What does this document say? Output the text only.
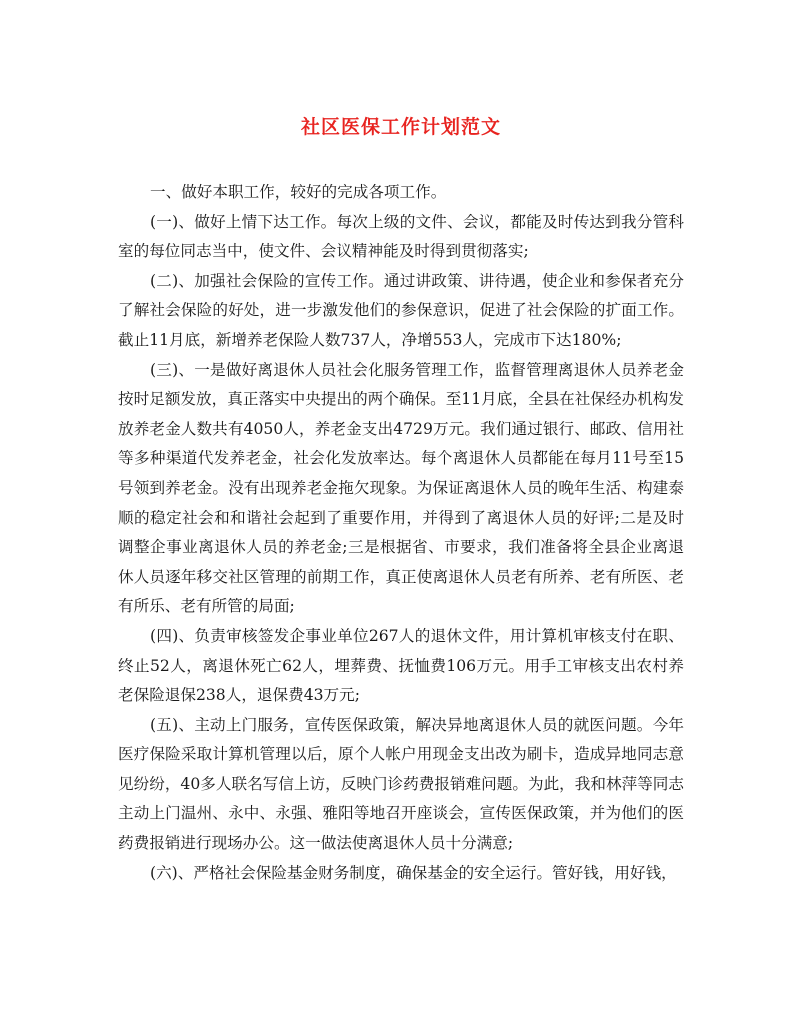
社区医保工作计划范文

一、做好本职工作，较好的完成各项工作。

(一)、做好上情下达工作。每次上级的文件、会议，都能及时传达到我分管科室的每位同志当中，使文件、会议精神能及时得到贯彻落实;

(二)、加强社会保险的宣传工作。通过讲政策、讲待遇，使企业和参保者充分了解社会保险的好处，进一步激发他们的参保意识，促进了社会保险的扩面工作。截止11月底，新增养老保险人数737人，净增553人，完成市下达180%;

(三)、一是做好离退休人员社会化服务管理工作，监督管理离退休人员养老金按时足额发放，真正落实中央提出的两个确保。至11月底，全县在社保经办机构发放养老金人数共有4050人，养老金支出4729万元。我们通过银行、邮政、信用社等多种渠道代发养老金，社会化发放率达。每个离退休人员都能在每月11号至15号领到养老金。没有出现养老金拖欠现象。为保证离退休人员的晚年生活、构建泰顺的稳定社会和和谐社会起到了重要作用，并得到了离退休人员的好评;二是及时调整企事业离退休人员的养老金;三是根据省、市要求，我们准备将全县企业离退休人员逐年移交社区管理的前期工作，真正使离退休人员老有所养、老有所医、老有所乐、老有所管的局面;

(四)、负责审核签发企事业单位267人的退休文件，用计算机审核支付在职、终止52人，离退休死亡62人，埋葬费、抚恤费106万元。用手工审核支出农村养老保险退保238人，退保费43万元;

(五)、主动上门服务，宣传医保政策，解决异地离退休人员的就医问题。今年医疗保险采取计算机管理以后，原个人帐户用现金支出改为刷卡，造成异地同志意见纷纷，40多人联名写信上访，反映门诊药费报销难问题。为此，我和林萍等同志主动上门温州、永中、永强、雅阳等地召开座谈会，宣传医保政策，并为他们的医药费报销进行现场办公。这一做法使离退休人员十分满意;

(六)、严格社会保险基金财务制度，确保基金的安全运行。管好钱，用好钱，
